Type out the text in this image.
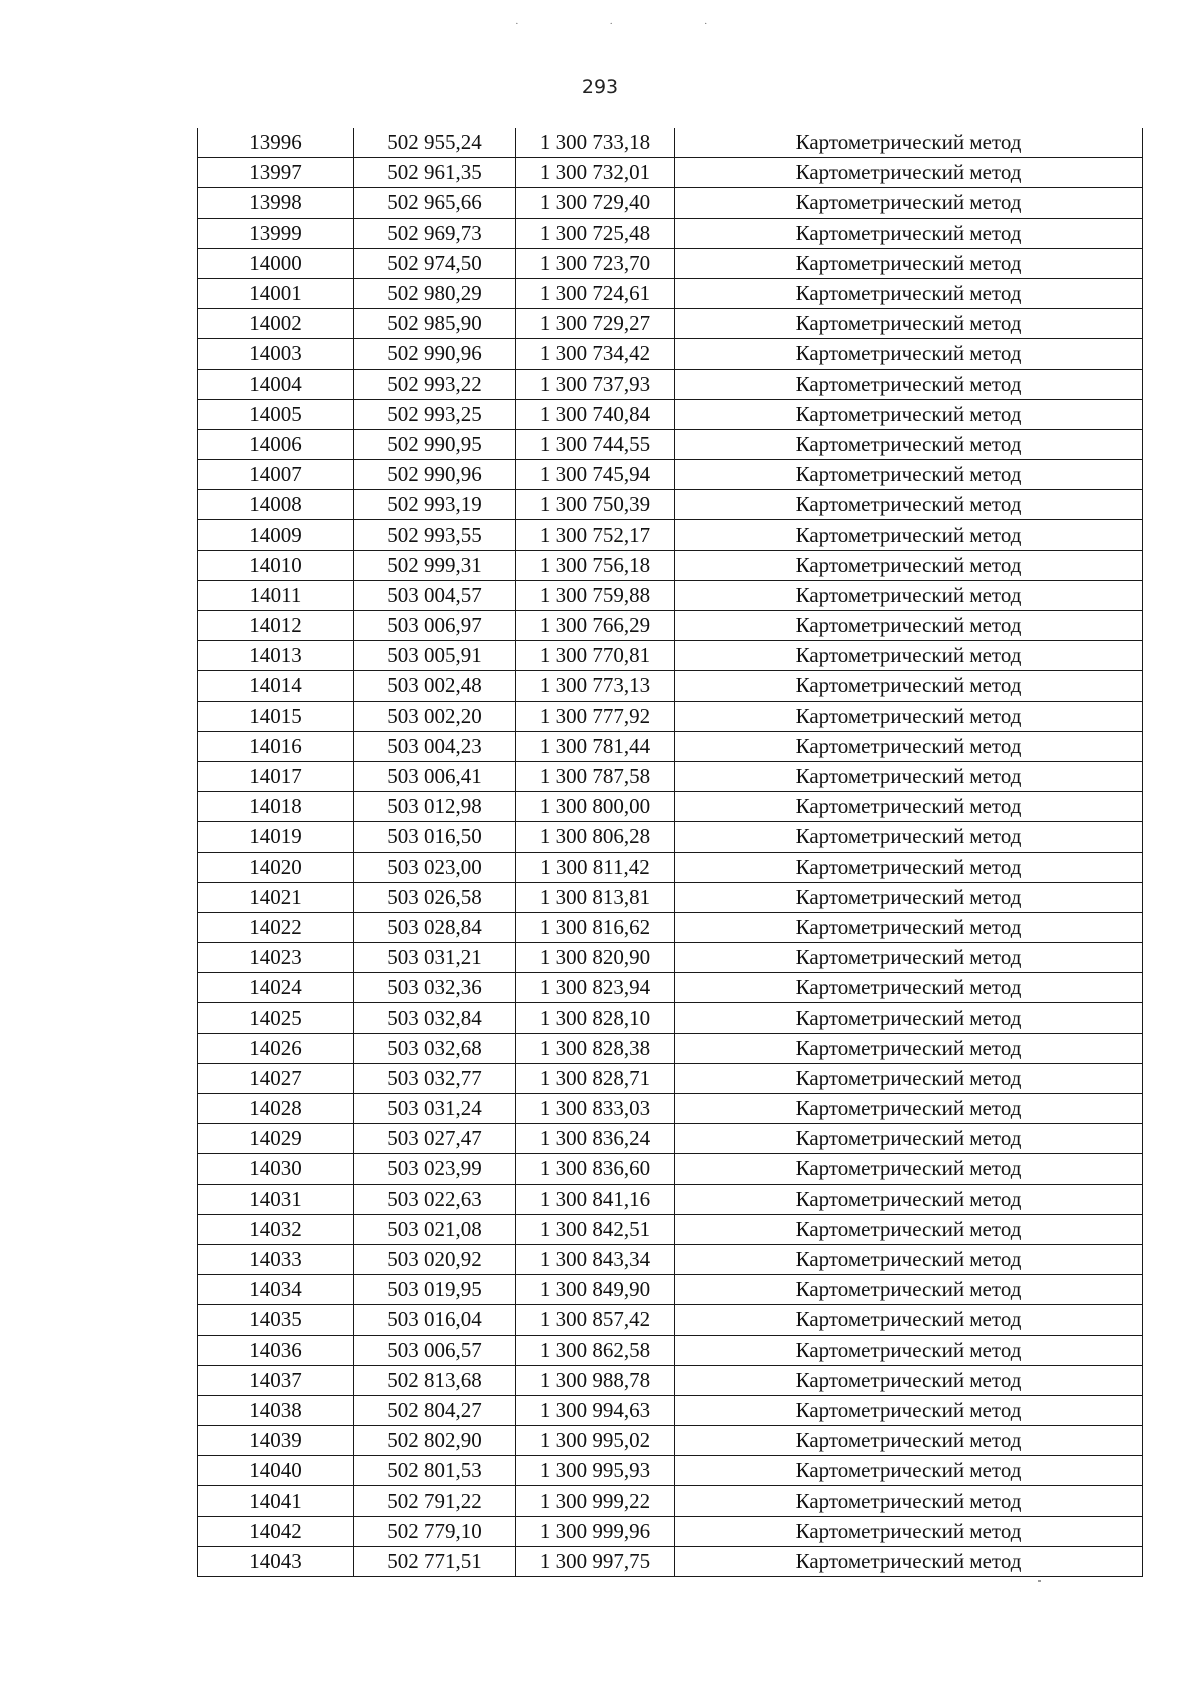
· · ·
293
13996	502 955,24	1 300 733,18	Картометрический метод
13997	502 961,35	1 300 732,01	Картометрический метод
13998	502 965,66	1 300 729,40	Картометрический метод
13999	502 969,73	1 300 725,48	Картометрический метод
14000	502 974,50	1 300 723,70	Картометрический метод
14001	502 980,29	1 300 724,61	Картометрический метод
14002	502 985,90	1 300 729,27	Картометрический метод
14003	502 990,96	1 300 734,42	Картометрический метод
14004	502 993,22	1 300 737,93	Картометрический метод
14005	502 993,25	1 300 740,84	Картометрический метод
14006	502 990,95	1 300 744,55	Картометрический метод
14007	502 990,96	1 300 745,94	Картометрический метод
14008	502 993,19	1 300 750,39	Картометрический метод
14009	502 993,55	1 300 752,17	Картометрический метод
14010	502 999,31	1 300 756,18	Картометрический метод
14011	503 004,57	1 300 759,88	Картометрический метод
14012	503 006,97	1 300 766,29	Картометрический метод
14013	503 005,91	1 300 770,81	Картометрический метод
14014	503 002,48	1 300 773,13	Картометрический метод
14015	503 002,20	1 300 777,92	Картометрический метод
14016	503 004,23	1 300 781,44	Картометрический метод
14017	503 006,41	1 300 787,58	Картометрический метод
14018	503 012,98	1 300 800,00	Картометрический метод
14019	503 016,50	1 300 806,28	Картометрический метод
14020	503 023,00	1 300 811,42	Картометрический метод
14021	503 026,58	1 300 813,81	Картометрический метод
14022	503 028,84	1 300 816,62	Картометрический метод
14023	503 031,21	1 300 820,90	Картометрический метод
14024	503 032,36	1 300 823,94	Картометрический метод
14025	503 032,84	1 300 828,10	Картометрический метод
14026	503 032,68	1 300 828,38	Картометрический метод
14027	503 032,77	1 300 828,71	Картометрический метод
14028	503 031,24	1 300 833,03	Картометрический метод
14029	503 027,47	1 300 836,24	Картометрический метод
14030	503 023,99	1 300 836,60	Картометрический метод
14031	503 022,63	1 300 841,16	Картометрический метод
14032	503 021,08	1 300 842,51	Картометрический метод
14033	503 020,92	1 300 843,34	Картометрический метод
14034	503 019,95	1 300 849,90	Картометрический метод
14035	503 016,04	1 300 857,42	Картометрический метод
14036	503 006,57	1 300 862,58	Картометрический метод
14037	502 813,68	1 300 988,78	Картометрический метод
14038	502 804,27	1 300 994,63	Картометрический метод
14039	502 802,90	1 300 995,02	Картометрический метод
14040	502 801,53	1 300 995,93	Картометрический метод
14041	502 791,22	1 300 999,22	Картометрический метод
14042	502 779,10	1 300 999,96	Картометрический метод
14043	502 771,51	1 300 997,75	Картометрический метод
